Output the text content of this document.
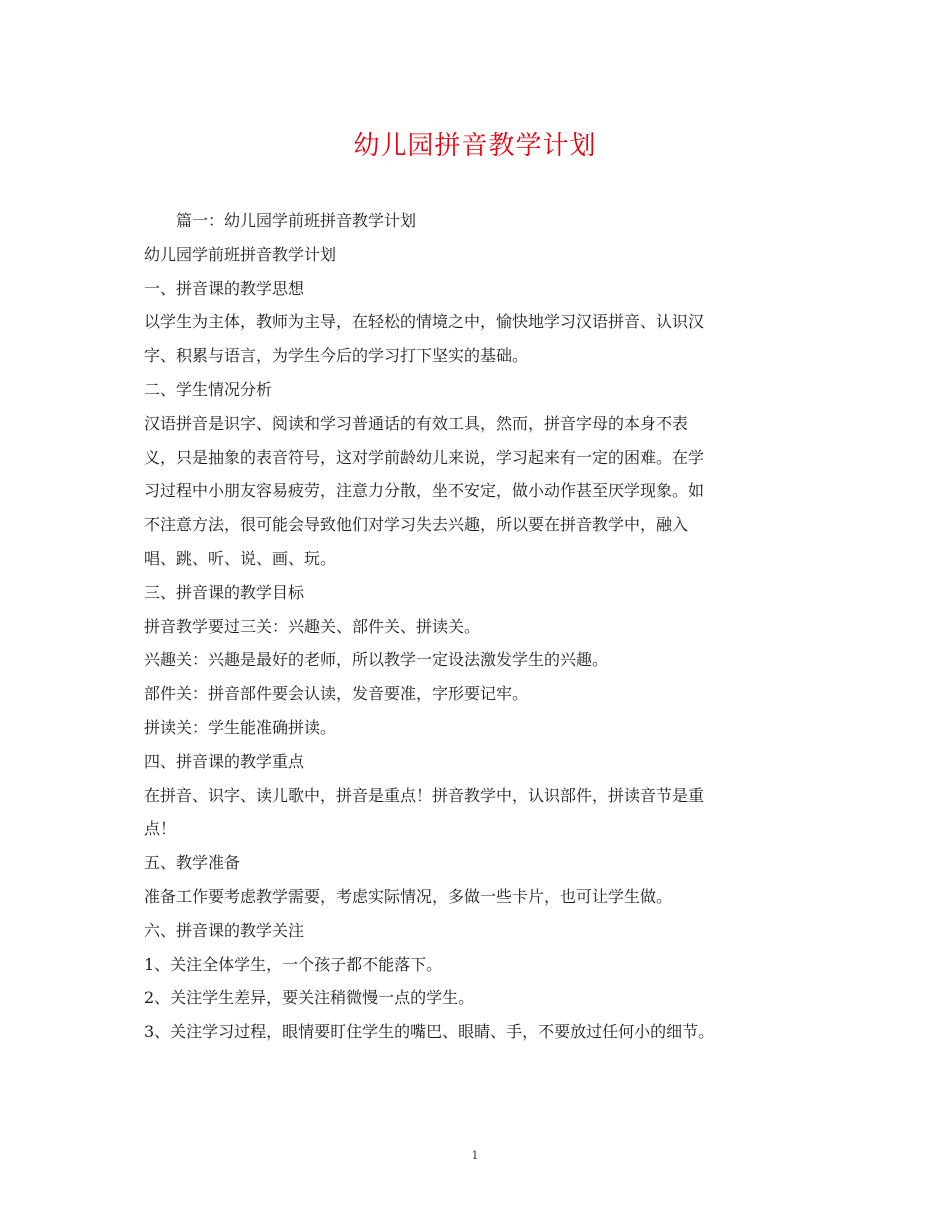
幼儿园拼音教学计划

篇一：幼儿园学前班拼音教学计划

幼儿园学前班拼音教学计划

一、拼音课的教学思想

以学生为主体，教师为主导，在轻松的情境之中，愉快地学习汉语拼音、认识汉

字、积累与语言，为学生今后的学习打下坚实的基础。

二、学生情况分析

汉语拼音是识字、阅读和学习普通话的有效工具，然而，拼音字母的本身不表

义，只是抽象的表音符号，这对学前龄幼儿来说，学习起来有一定的困难。在学

习过程中小朋友容易疲劳，注意力分散，坐不安定，做小动作甚至厌学现象。如

不注意方法，很可能会导致他们对学习失去兴趣，所以要在拼音教学中，融入

唱、跳、听、说、画、玩。

三、拼音课的教学目标

拼音教学要过三关：兴趣关、部件关、拼读关。

兴趣关：兴趣是最好的老师，所以教学一定设法激发学生的兴趣。

部件关：拼音部件要会认读，发音要准，字形要记牢。

拼读关：学生能准确拼读。

四、拼音课的教学重点

在拼音、识字、读儿歌中，拼音是重点！拼音教学中，认识部件，拼读音节是重

点！

五、教学准备

准备工作要考虑教学需要，考虑实际情况，多做一些卡片，也可让学生做。

六、拼音课的教学关注

1、关注全体学生，一个孩子都不能落下。

2、关注学生差异，要关注稍微慢一点的学生。

3、关注学习过程，眼情要盯住学生的嘴巴、眼睛、手，不要放过任何小的细节。

1
